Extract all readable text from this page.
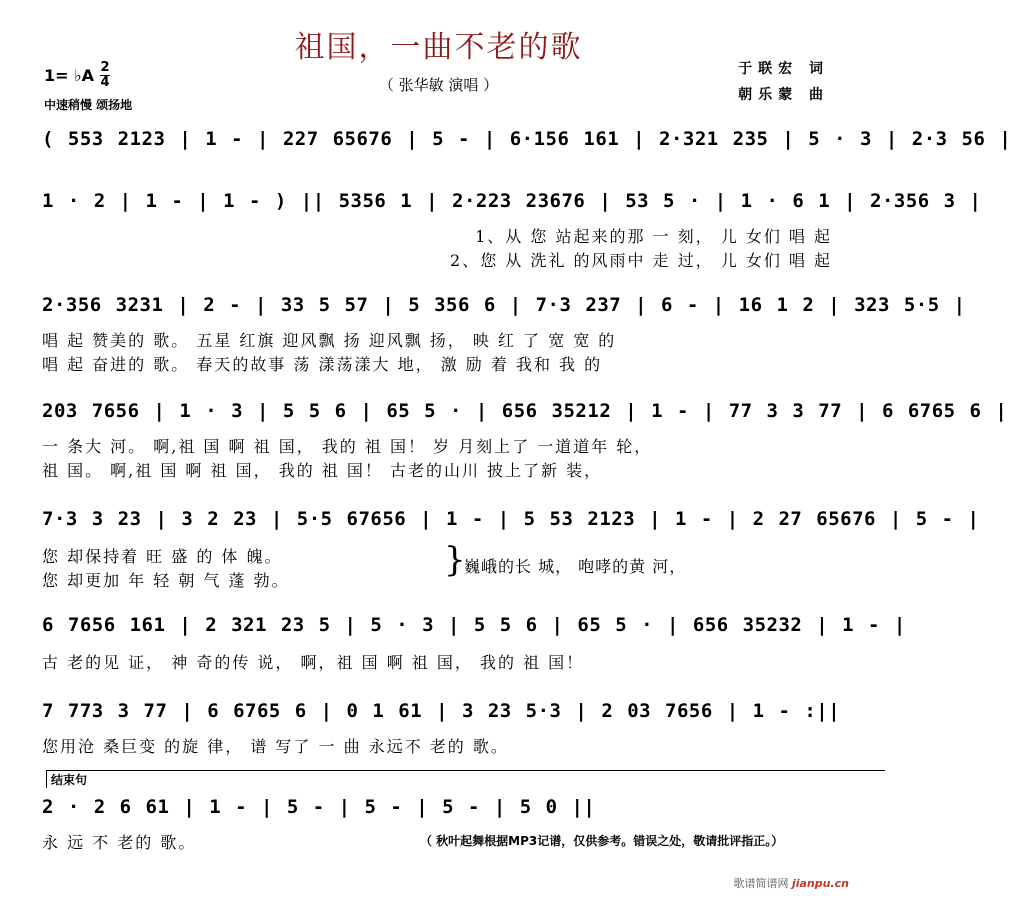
祖国，一曲不老的歌
（ 张华敏 演唱 ）
于联宏 词
朝乐蒙 曲
1= ♭A 2
4
中速稍慢 颂扬地
( 553 2123 | 1 - | 227 65676 | 5 - | 6·156 161 | 2·321 235 | 5 · 3 | 2·3 56 |
1 · 2 | 1 - | 1 - ) || 5356 1 | 2·223 23676 | 53 5 · | 1 · 6 1 | 2·356 3 |
1、从 您 站起来的那 一 刻， 儿 女们 唱 起
2、您 从 洗礼 的风雨中 走 过， 儿 女们 唱 起
2·356 3231 | 2 - | 33 5 57 | 5 356 6 | 7·3 237 | 6 - | 16 1 2 | 323 5·5 |
唱 起 赞美的 歌。 五星 红旗 迎风飘 扬 迎风飘 扬， 映 红 了 宽 宽 的
唱 起 奋进的 歌。 春天的故事 荡 漾荡漾大 地， 激 励 着 我和 我 的
203 7656 | 1 · 3 | 5 5 6 | 65 5 · | 656 35212 | 1 - | 77 3 3 77 | 6 6765 6 |
一 条大 河。 啊,祖 国 啊 祖 国， 我的 祖 国！ 岁 月刻上了 一道道年 轮，
祖 国。 啊,祖 国 啊 祖 国， 我的 祖 国！ 古老的山川 披上了新 装，
7·3 3 23 | 3 2 23 | 5·5 67656 | 1 - | 5 53 2123 | 1 - | 2 27 65676 | 5 - |
您 却保持着 旺 盛 的 体 魄。
您 却更加 年 轻 朝 气 蓬 勃。
}
巍峨的长 城， 咆哮的黄 河，
6 7656 161 | 2 321 23 5 | 5 · 3 | 5 5 6 | 65 5 · | 656 35232 | 1 - |
古 老的见 证， 神 奇的传 说， 啊，祖 国 啊 祖 国， 我的 祖 国！
7 773 3 77 | 6 6765 6 | 0 1 61 | 3 23 5·3 | 2 03 7656 | 1 - :||
您用沧 桑巨变 的旋 律， 谱 写了 一 曲 永远不 老的 歌。
结束句
2 · 2 6 61 | 1 - | 5 - | 5 - | 5 - | 5 0 ||
永 远 不 老的 歌。	（ 秋叶起舞根据MP3记谱，仅供参考。错误之处，敬请批评指正。）
歌谱简谱网 jianpu.cn
